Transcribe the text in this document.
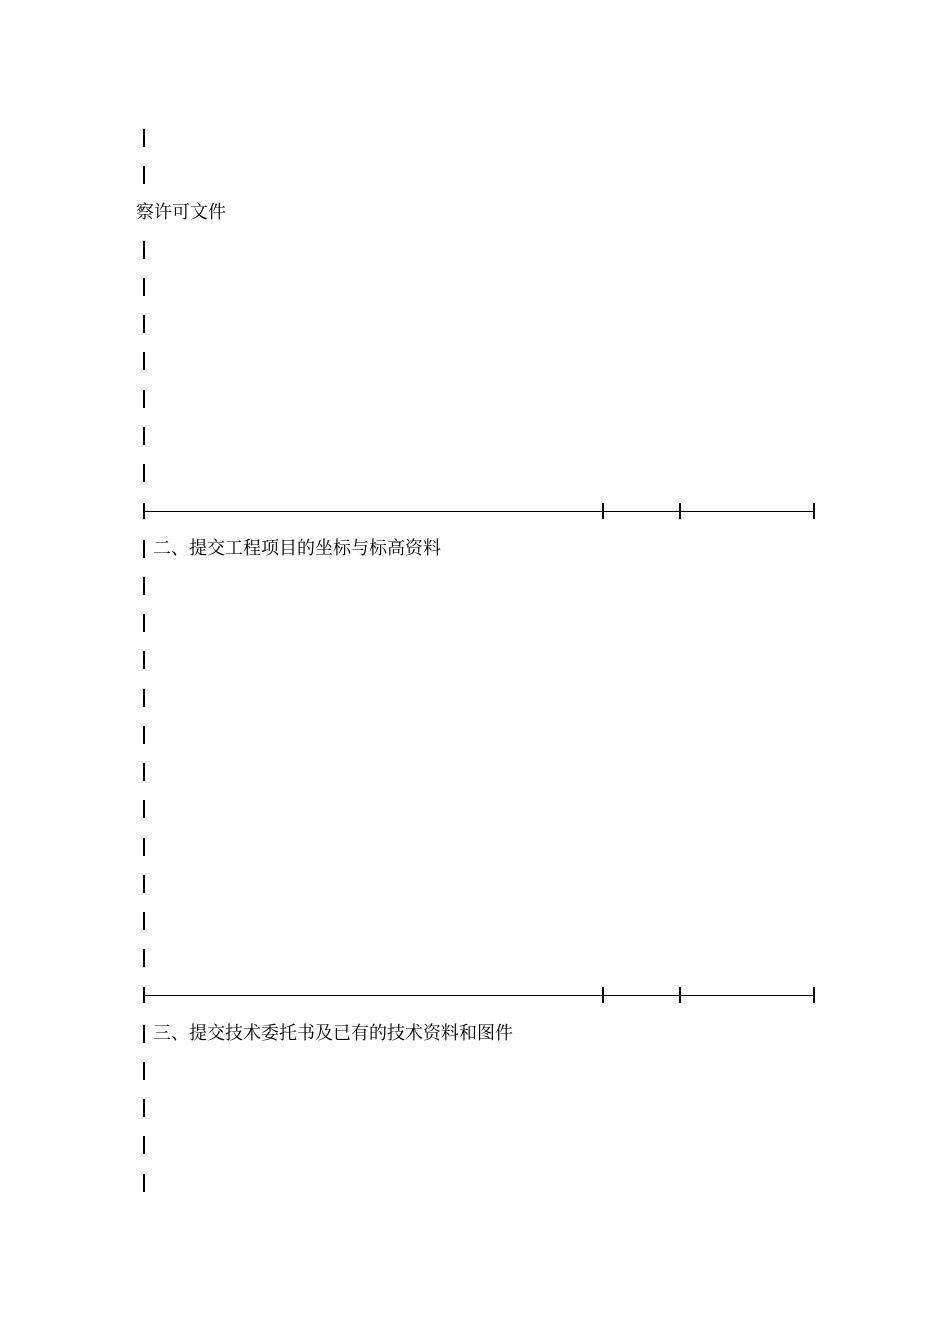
察许可文件
二、提交工程项目的坐标与标高资料
三、提交技术委托书及已有的技术资料和图件
